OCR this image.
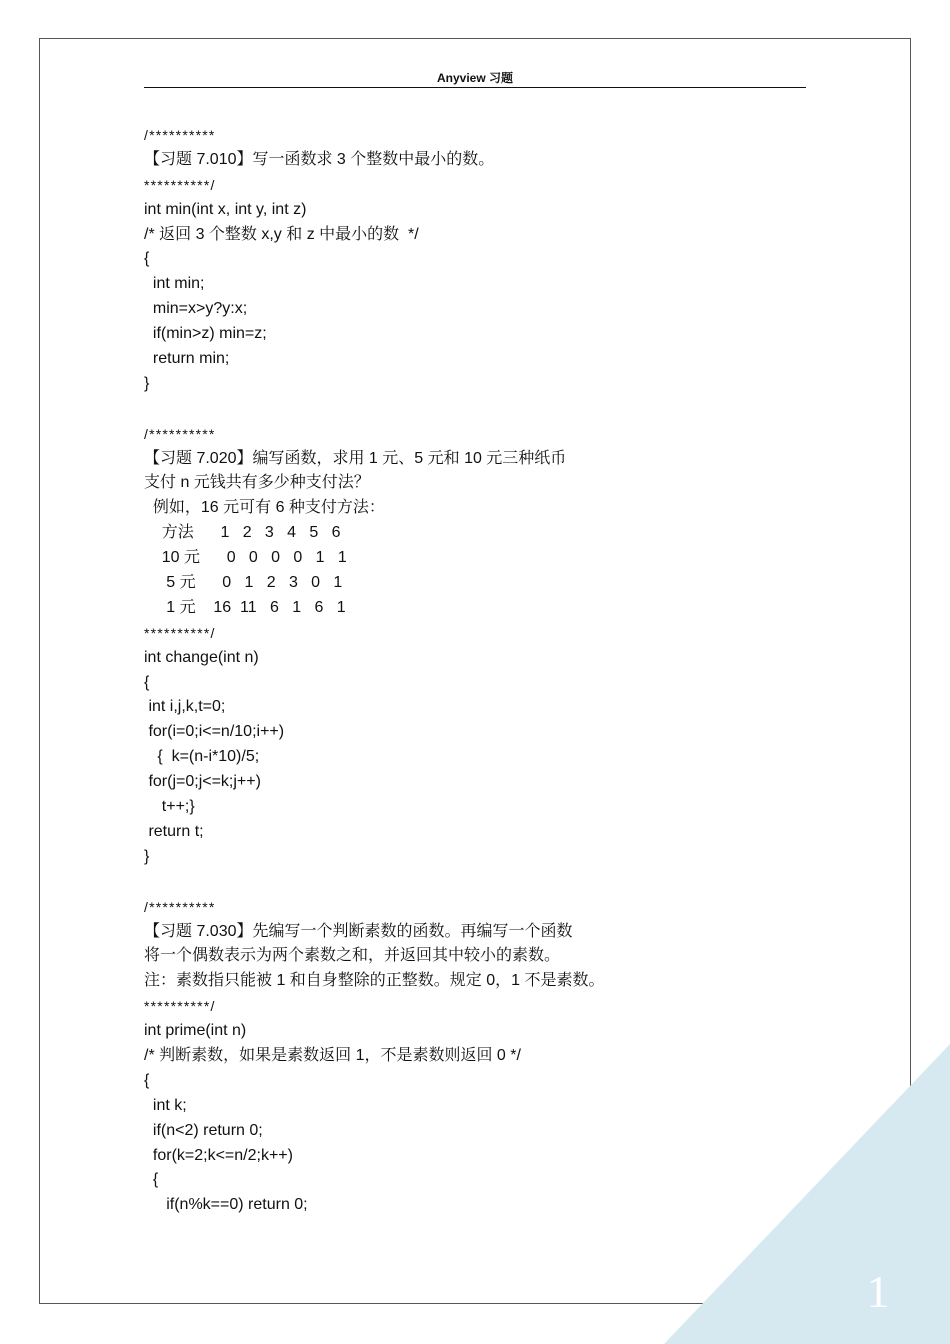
Anyview 习题
1
/**********
【习题 7.010】写一函数求 3 个整数中最小的数。
**********/
int min(int x, int y, int z)
/* 返回 3 个整数 x,y 和 z 中最小的数  */
{
int min;
min=x>y?y:x;
if(min>z) min=z;
return min;
}
/**********
【习题 7.020】编写函数，求用 1 元、5 元和 10 元三种纸币
支付 n 元钱共有多少种支付法？
例如，16 元可有 6 种支付方法：
方法      1   2   3   4   5   6
10 元      0   0   0   0   1   1
5 元      0   1   2   3   0   1
1 元    16  11   6   1   6   1
**********/
int change(int n)
{
int i,j,k,t=0;
for(i=0;i<=n/10;i++)
{  k=(n-i*10)/5;
for(j=0;j<=k;j++)
t++;}
return t;
}
/**********
【习题 7.030】先编写一个判断素数的函数。再编写一个函数
将一个偶数表示为两个素数之和，并返回其中较小的素数。
注：素数指只能被 1 和自身整除的正整数。规定 0，1 不是素数。
**********/
int prime(int n)
/* 判断素数，如果是素数返回 1，不是素数则返回 0 */
{
int k;
if(n<2) return 0;
for(k=2;k<=n/2;k++)
{
if(n%k==0) return 0;
